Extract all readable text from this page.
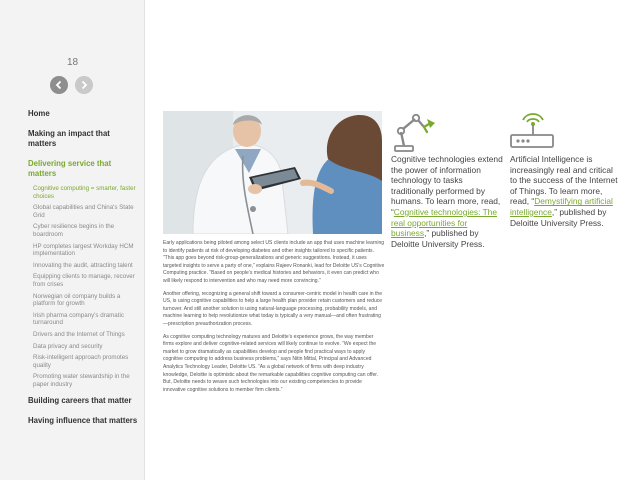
18
Home
Making an impact that matters
Delivering service that matters
Cognitive computing = smarter, faster choices
Global capabilities and China's State Grid
Cyber resilience begins in the boardroom
HP completes largest Workday HCM implementation
Innovating the audit, attracting talent
Equipping clients to manage, recover from crises
Norwegian oil company builds a platform for growth
Irish pharma company's dramatic turnaround
Drivers and the Internet of Things
Data privacy and security
Risk-intelligent approach promotes quality
Promoting water stewardship in the paper industry
Building careers that matter
Having influence that matters

Early applications being piloted among select US clients include an app that uses machine learning to identify patients at risk of developing diabetes and other insights tailored to specific patients. “This app goes beyond risk-group-generalizations and generic suggestions. Instead, it uses targeted insights to serve a party of one,” explains Rajeev Ronanki, lead for Deloitte US’s Cognitive Computing practice. “Based on people’s medical histories and behaviors, it even can predict who will likely respond to intervention and who may need more convincing.”

Another offering, recognizing a general shift toward a consumer-centric model in health care in the US, is using cognitive capabilities to help a large health plan provider retain customers and reduce turnover. And still another solution is using natural-language processing, probability models, and machine learning to help revolutionize what today is typically a very manual—and often frustrating—prescription preauthorization process.

As cognitive computing technology matures and Deloitte’s experience grows, the way member firms explore and deliver cognitive-related services will likely continue to evolve. “We expect the market to grow dramatically as capabilities develop and people find practical ways to apply cognitive computing to address business problems,” says Nitin Mittal, Principal and Advanced Analytics Technology Leader, Deloitte US. “As a global network of firms with deep industry knowledge, Deloitte is optimistic about the remarkable capabilities cognitive computing can offer. But, Deloitte needs to weave such technologies into our existing competencies to provide innovative cognitive solutions to member firm clients.”

Cognitive technologies extend the power of information technology to tasks traditionally performed by humans. To learn more, read, “Cognitive technologies: The real opportunities for business,” published by Deloitte University Press.

Artificial Intelligence is increasingly real and critical to the success of the Internet of Things. To learn more, read, “Demystifying artificial intelligence,” published by Deloitte University Press.
